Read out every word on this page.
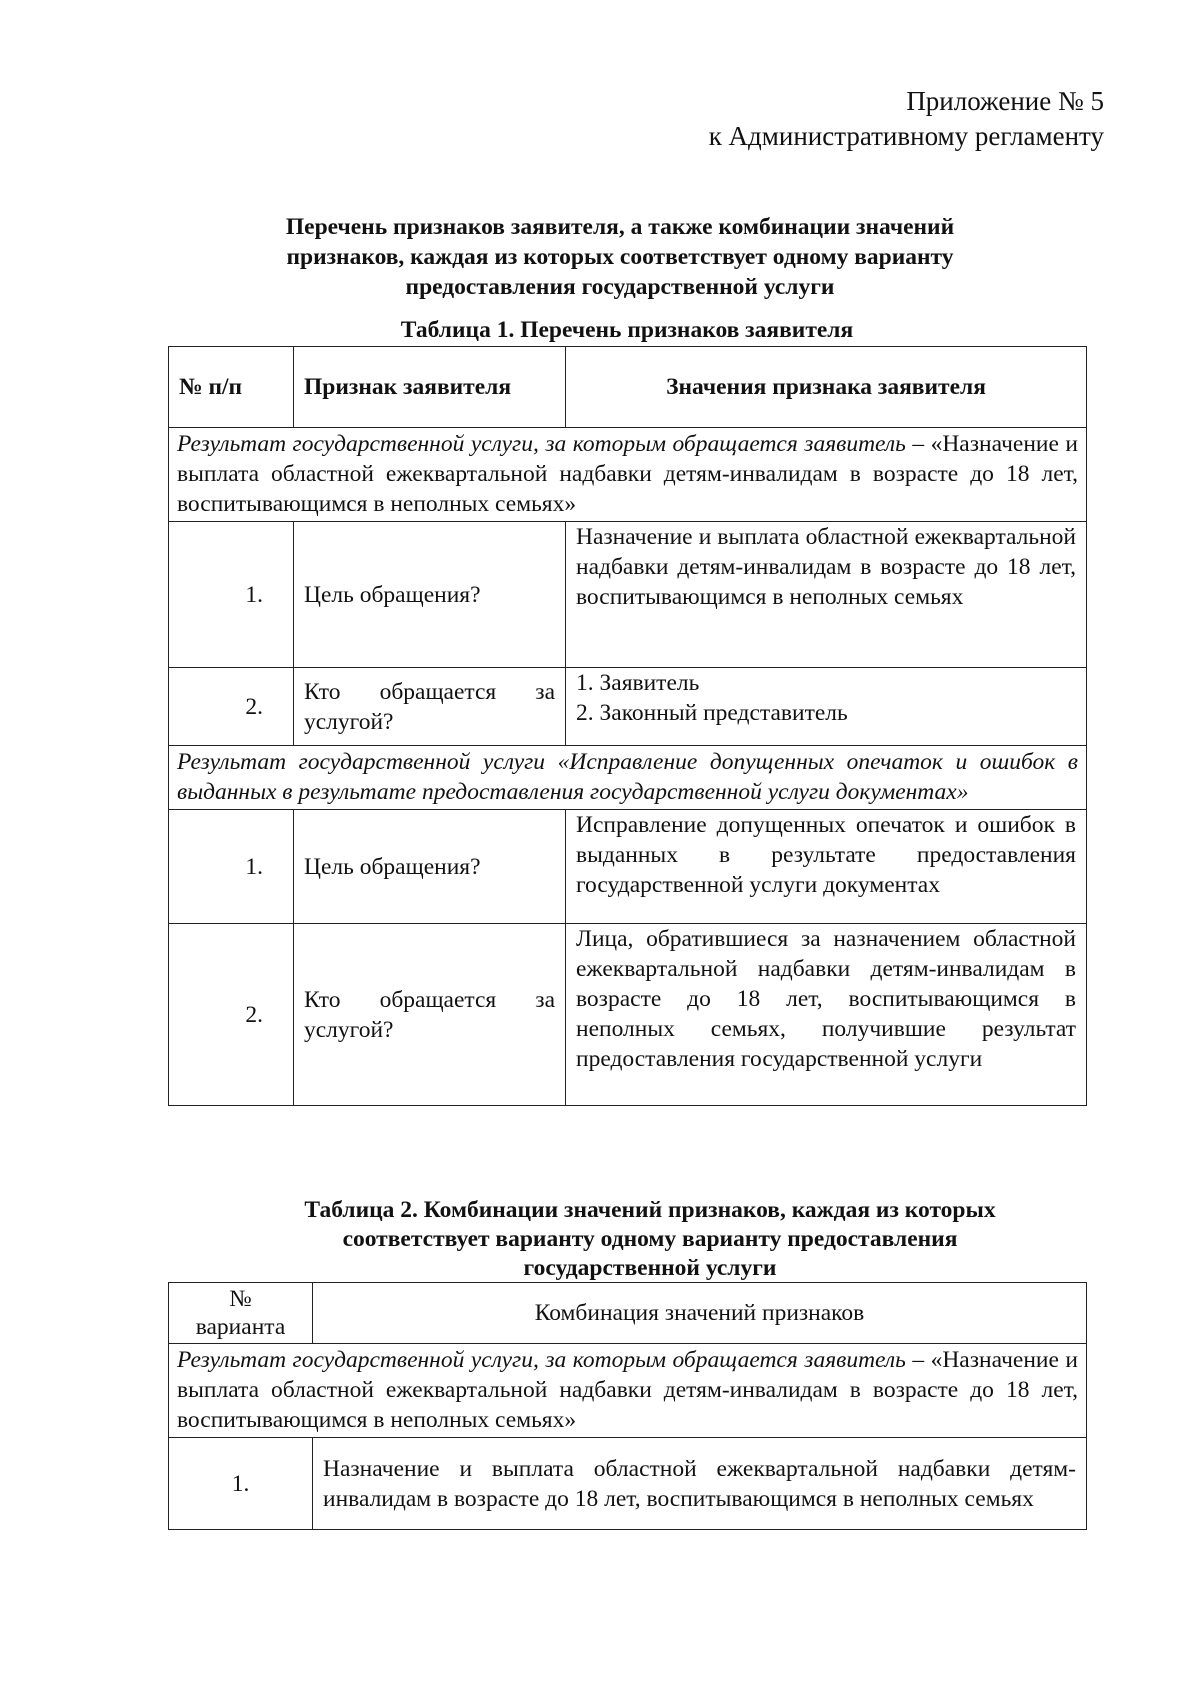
Приложение № 5
к Административному регламенту
Перечень признаков заявителя, а также комбинации значений
признаков, каждая из которых соответствует одному варианту
предоставления государственной услуги
Таблица 1. Перечень признаков заявителя
№ п/п	Признак заявителя	Значения признака заявителя
Результат государственной услуги, за которым обращается заявитель – «Назначение и выплата областной ежеквартальной надбавки детям-инвалидам в возрасте до 18 лет, воспитывающимся в неполных семьях»		
1.	Цель обращения?	Назначение и выплата областной ежеквартальной надбавки детям-инвалидам в возрасте до 18 лет, воспитывающимся в неполных семьях
2.	Кто обращается за услугой?	1. Заявитель
2. Законный представитель

Результат государственной услуги «Исправление допущенных опечаток и ошибок в выданных в результате предоставления государственной услуги документах»		
1.	Цель обращения?	Исправление допущенных опечаток и ошибок в выданных в результате предоставления государственной услуги документах
2.	Кто обращается за услугой?	Лица, обратившиеся за назначением областной ежеквартальной надбавки детям-инвалидам в возрасте до 18 лет, воспитывающимся в неполных семьях, получившие результат предоставления государственной услуги
Таблица 2. Комбинации значений признаков, каждая из которых
соответствует варианту одному варианту предоставления
государственной услуги
№
варианта	Комбинация значений признаков
Результат государственной услуги, за которым обращается заявитель – «Назначение и выплата областной ежеквартальной надбавки детям-инвалидам в возрасте до 18 лет, воспитывающимся в неполных семьях»	
1.	Назначение и выплата областной ежеквартальной надбавки детям-инвалидам в возрасте до 18 лет, воспитывающимся в неполных семьях
